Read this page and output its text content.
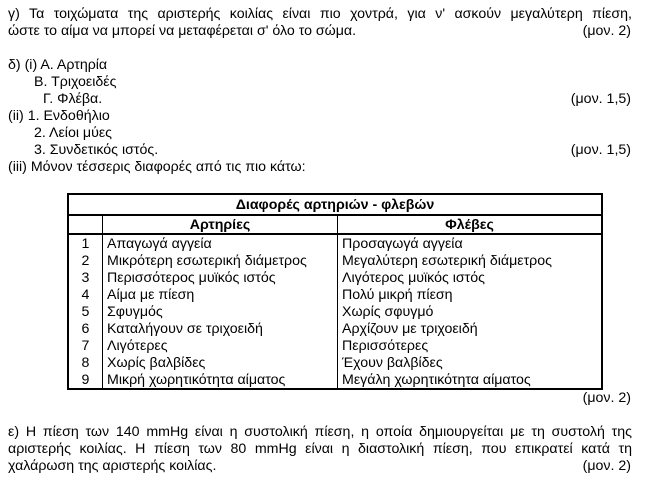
γ) Τα τοιχώματα της αριστερής κοιλίας είναι πιο χοντρά, για ν' ασκούν μεγαλύτερη πίεση,
ώστε το αίμα να μπορεί να μεταφέρεται σ' όλο το σώμα.	(μον. 2)
δ) (i) Α. Αρτηρία
Β. Τριχοειδές
Γ. Φλέβα.	(μον. 1,5)
(ii) 1. Ενδοθήλιο
2. Λείοι μύες
3. Συνδετικός ιστός.	(μον. 1,5)
(iii) Μόνον τέσσερις διαφορές από τις πιο κάτω:
Διαφορές αρτηριών - φλεβών		
	Αρτηρίες	Φλέβες
1	Απαγωγά αγγεία	Προσαγωγά αγγεία
2	Μικρότερη εσωτερική διάμετρος	Μεγαλύτερη εσωτερική διάμετρος
3	Περισσότερος μυϊκός ιστός	Λιγότερος μυϊκός ιστός
4	Αίμα με πίεση	Πολύ μικρή πίεση
5	Σφυγμός	Χωρίς σφυγμό
6	Καταλήγουν σε τριχοειδή	Αρχίζουν με τριχοειδή
7	Λιγότερες	Περισσότερες
8	Χωρίς βαλβίδες	Έχουν βαλβίδες
9	Μικρή χωρητικότητα αίματος	Μεγάλη χωρητικότητα αίματος
(μον. 2)
ε) Η πίεση των 140 mmHg είναι η συστολική πίεση, η οποία δημιουργείται με τη συστολή της
αριστερής κοιλίας. Η πίεση των 80 mmHg είναι η διαστολική πίεση, που επικρατεί κατά τη
χαλάρωση της αριστερής κοιλίας.	(μον. 2)
